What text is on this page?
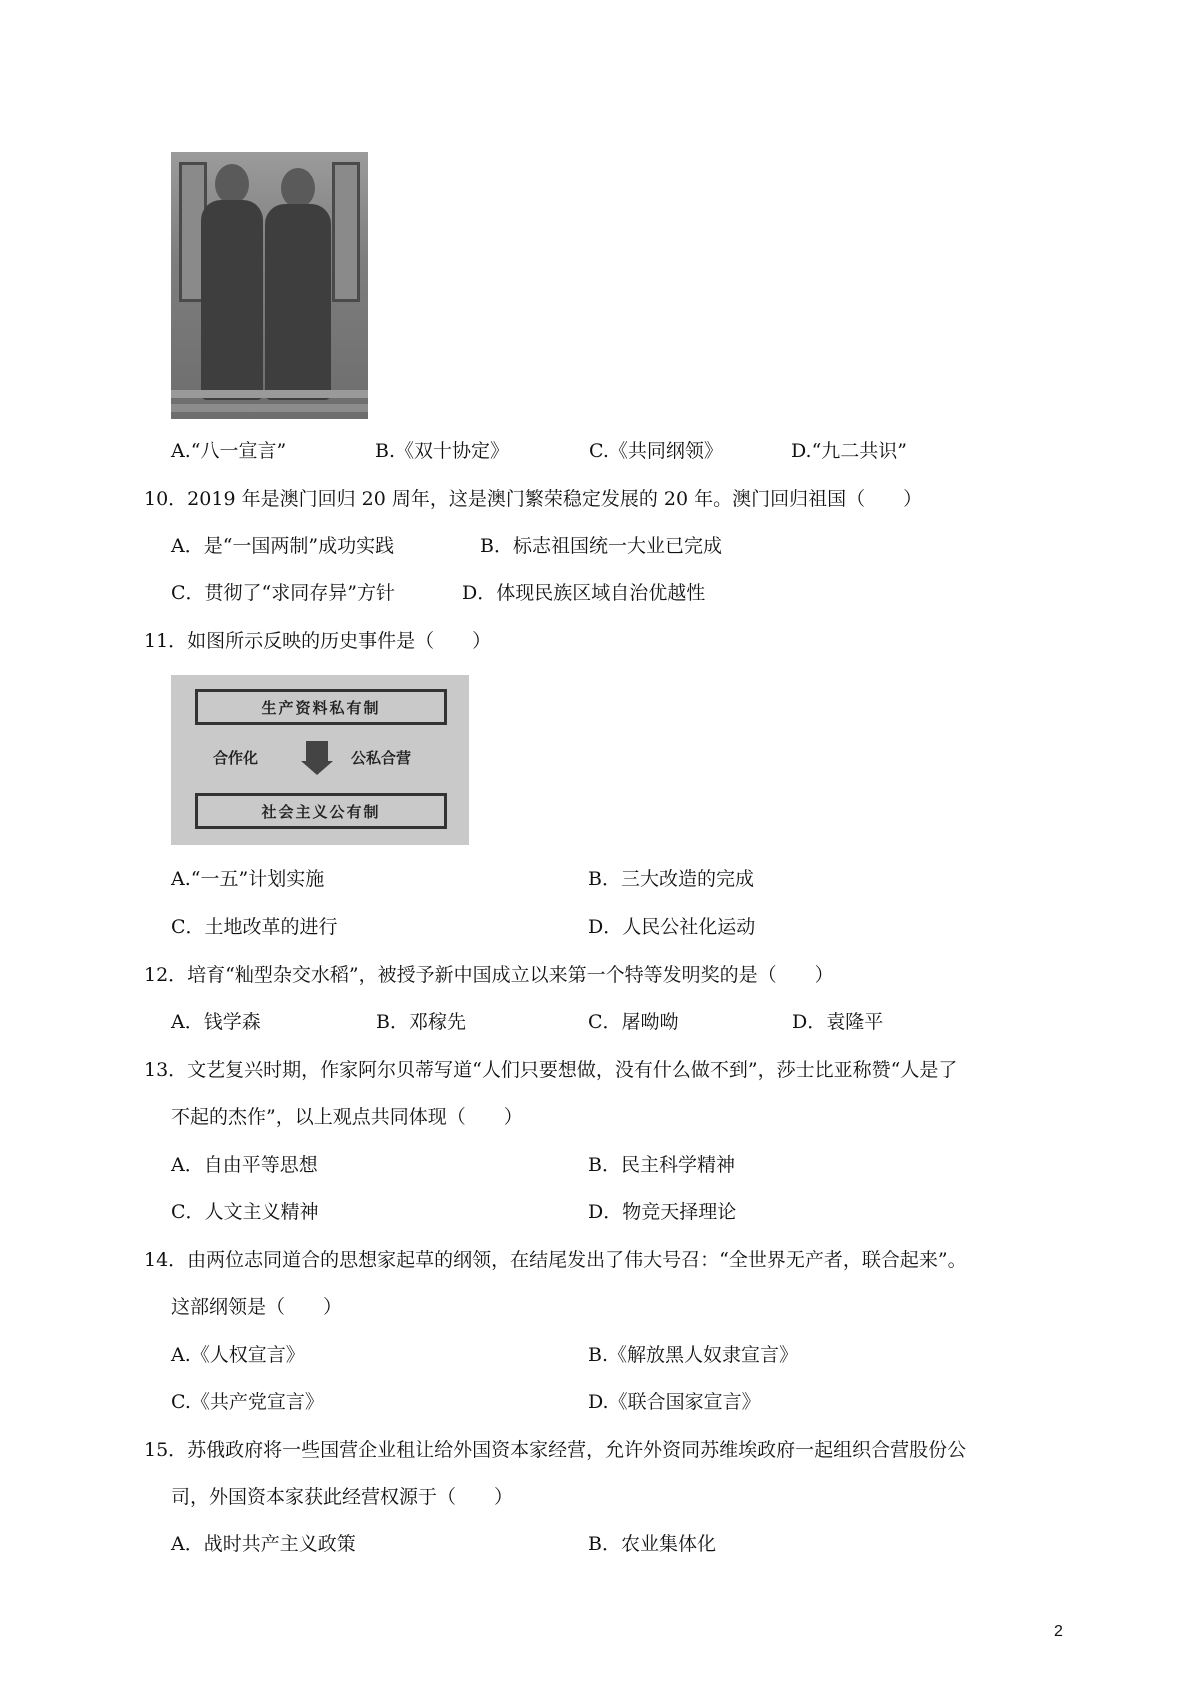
A.“八一宣言”	B.《双十协定》	C.《共同纲领》	D.“九二共识”
10．2019 年是澳门回归 20 周年，这是澳门繁荣稳定发展的 20 年。澳门回归祖国（　　）
A．是“一国两制”成功实践	B．标志祖国统一大业已完成
C．贯彻了“求同存异”方针	D．体现民族区域自治优越性
11．如图所示反映的历史事件是（　　）
生产资料私有制
合作化	公私合营
社会主义公有制
A.“一五”计划实施	B．三大改造的完成
C．土地改革的进行	D．人民公社化运动
12．培育“籼型杂交水稻”，被授予新中国成立以来第一个特等发明奖的是（　　）
A．钱学森	B．邓稼先	C．屠呦呦	D．袁隆平
13．文艺复兴时期，作家阿尔贝蒂写道“人们只要想做，没有什么做不到”，莎士比亚称赞“人是了
不起的杰作”，以上观点共同体现（　　）
A．自由平等思想	B．民主科学精神
C．人文主义精神	D．物竞天择理论
14．由两位志同道合的思想家起草的纲领，在结尾发出了伟大号召：“全世界无产者，联合起来”。
这部纲领是（　　）
A.《人权宣言》	B.《解放黑人奴隶宣言》
C.《共产党宣言》	D.《联合国家宣言》
15．苏俄政府将一些国营企业租让给外国资本家经营，允许外资同苏维埃政府一起组织合营股份公
司，外国资本家获此经营权源于（　　）
A．战时共产主义政策	B．农业集体化
2
